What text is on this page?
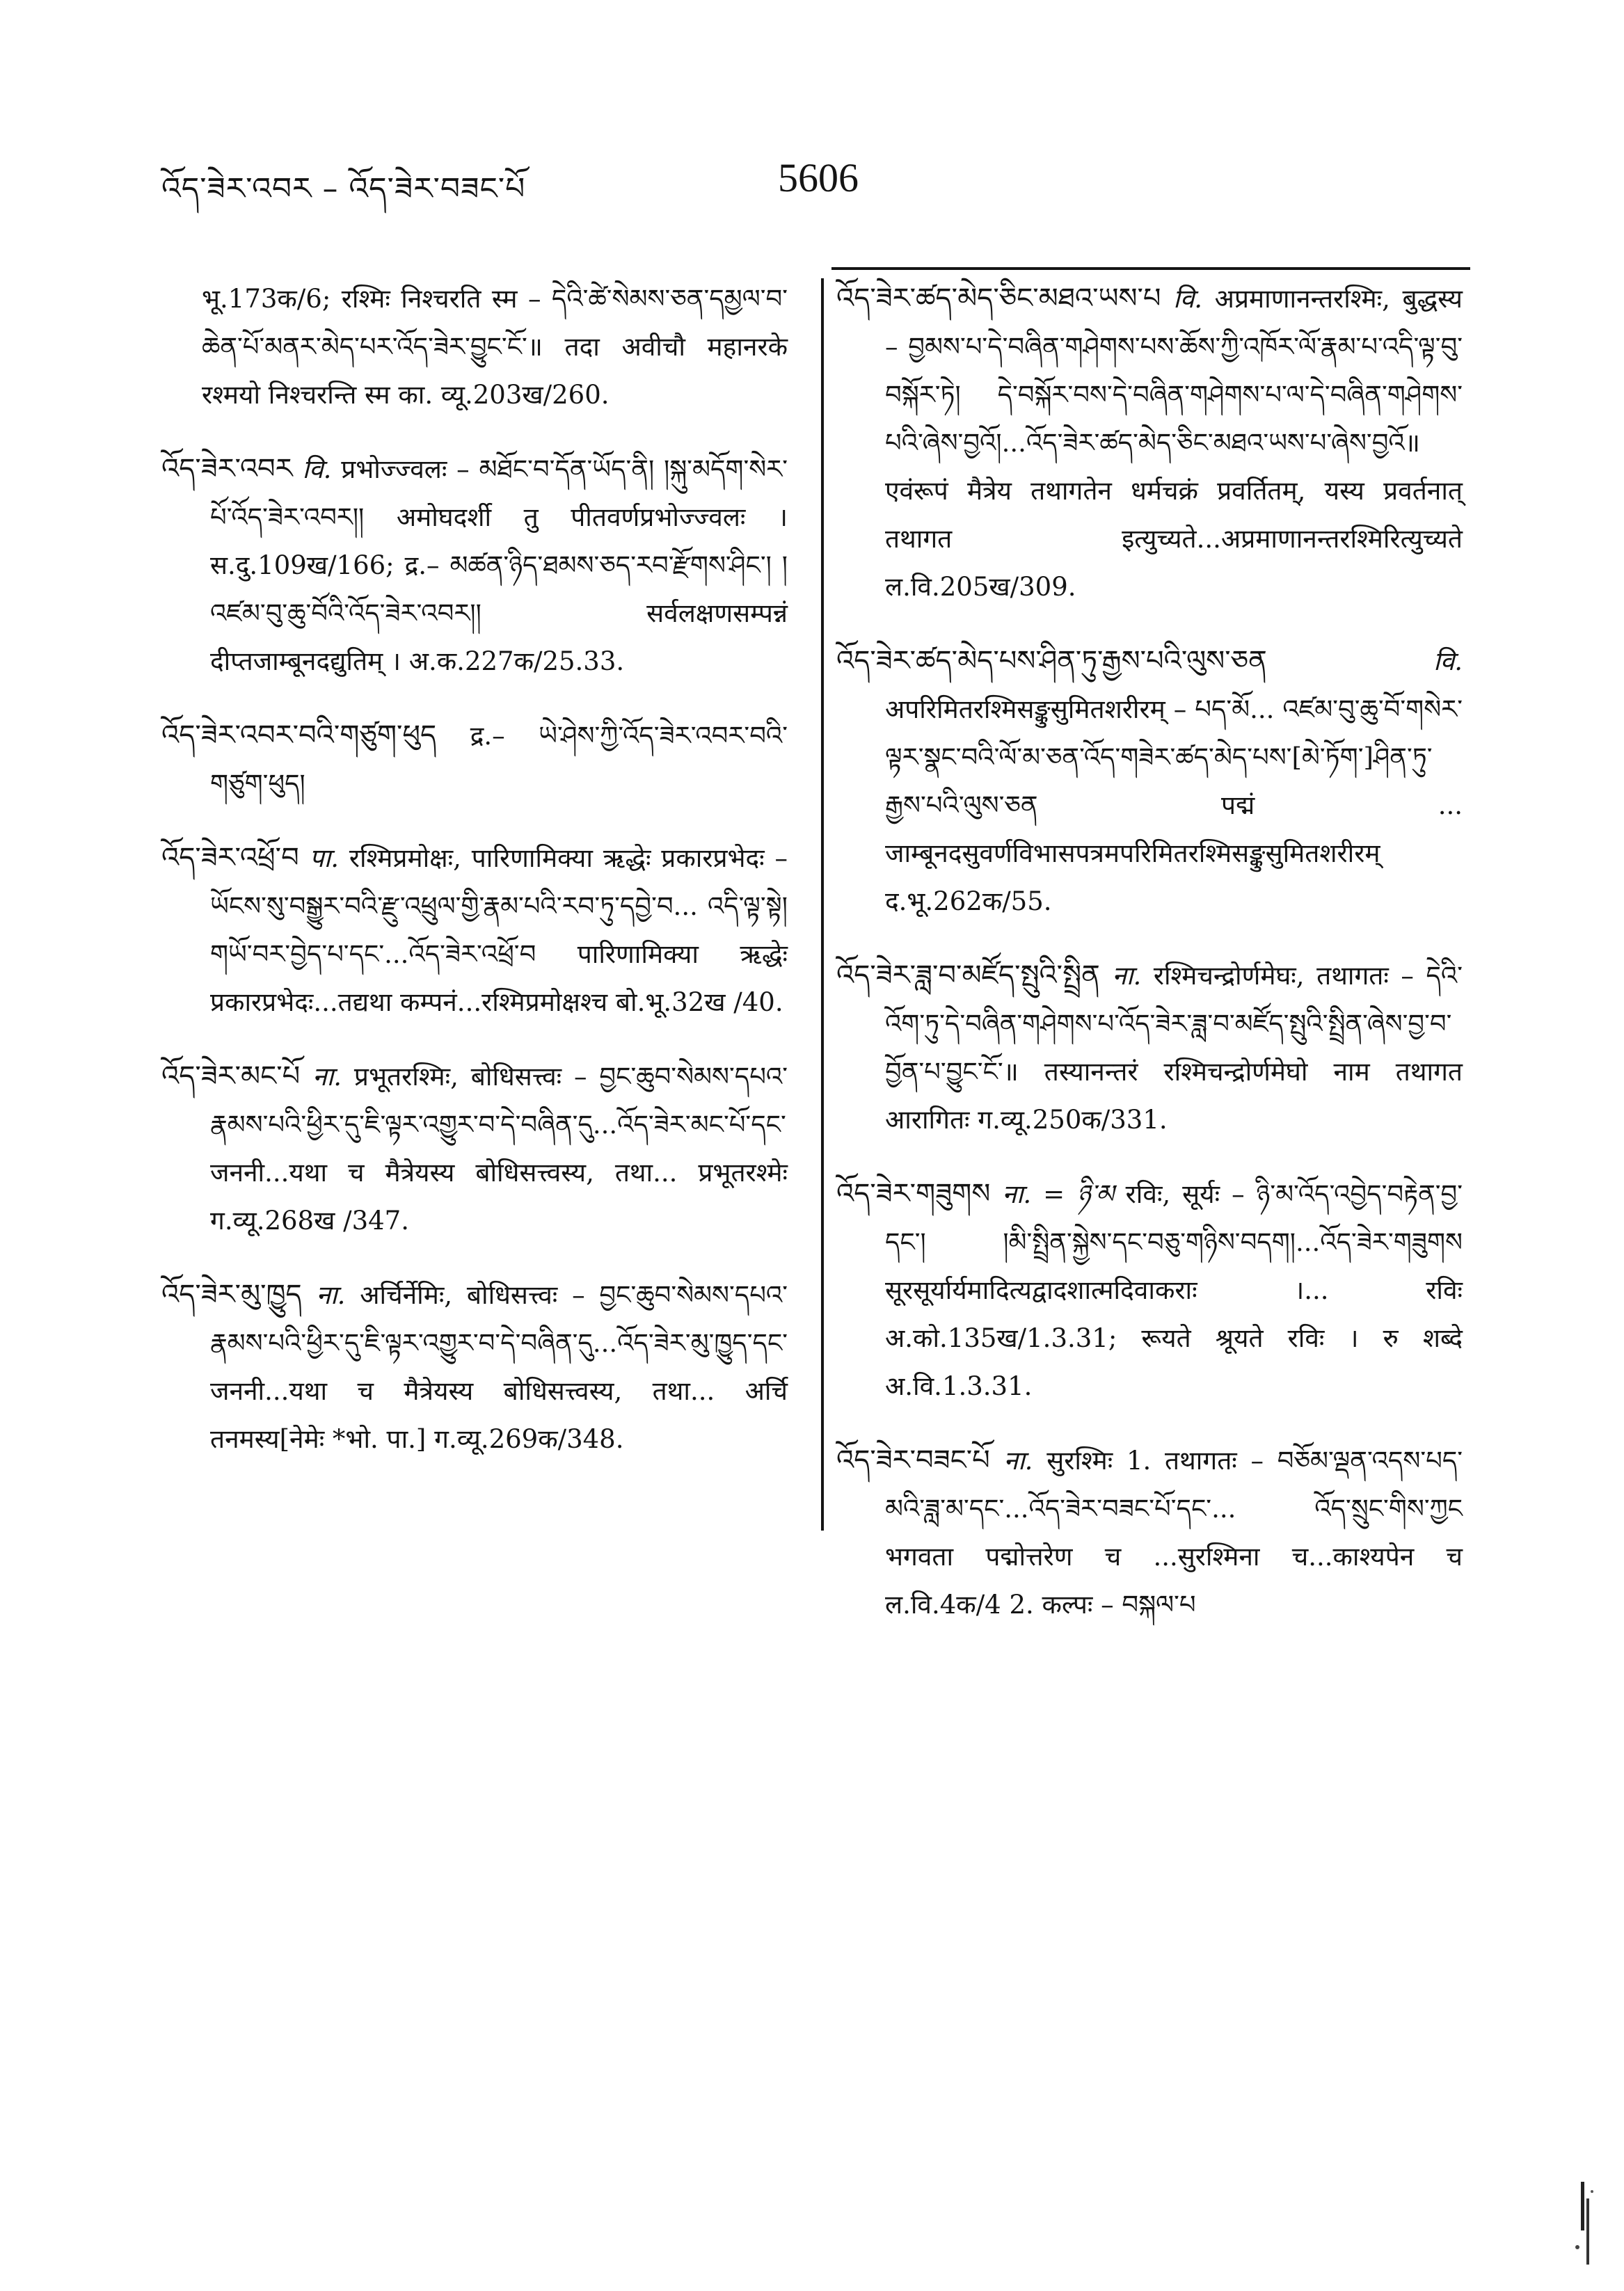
འོད་ཟེར་འབར – འོད་ཟེར་བཟང་པོ	5606

भू.173क/6; रश्मिः निश्चरति स्म – དེའི་ཚེ་སེམས་ཅན་དམྱལ་བ་ཆེན་པོ་མནར་མེད་པར་འོད་ཟེར་བྱུང་ངོ་॥ तदा अवीचौ महानरके रश्मयो निश्चरन्ति स्म का. व्यू.203ख/260.

འོད་ཟེར་འབར वि. प्रभोज्ज्वलः – མཐོང་བ་དོན་ཡོད་ནི། །སྐུ་མདོག་སེར་པོ་འོད་ཟེར་འབར།། अमोघदर्शी तु पीतवर्णप्रभोज्ज्वलः । स.दु.109ख/166; द्र.– མཚན་ཉིད་ཐམས་ཅད་རབ་རྫོགས་ཤིང་། །འཛམ་བུ་ཆུ་བོའི་འོད་ཟེར་འབར།། सर्वलक्षणसम्पन्नं दीप्तजाम्बूनदद्युतिम् । अ.क.227क/25.33.

འོད་ཟེར་འབར་བའི་གཙུག་ཕུད द्र.– ཡེ་ཤེས་ཀྱི་འོད་ཟེར་འབར་བའི་གཙུག་ཕུད།

འོད་ཟེར་འཕྲོ་བ पा. रश्मिप्रमोक्षः, पारिणामिक्या ऋद्धेः प्रकारप्रभेदः – ཡོངས་སུ་བསྒྱུར་བའི་རྫུ་འཕྲུལ་གྱི་རྣམ་པའི་རབ་ཏུ་དབྱེ་བ... འདི་ལྟ་སྟེ། གཡོ་བར་བྱེད་པ་དང་...འོད་ཟེར་འཕྲོ་བ पारिणामिक्या ऋद्धेः प्रकारप्रभेदः...तद्यथा कम्पनं...रश्मिप्रमोक्षश्च बो.भू.32ख /40.

འོད་ཟེར་མང་པོ ना. प्रभूतरश्मिः, बोधिसत्त्वः – བྱང་ཆུབ་སེམས་དཔའ་རྣམས་པའི་ཕྱིར་དུ་ཇི་ལྟར་འགྱུར་བ་དེ་བཞིན་དུ...འོད་ཟེར་མང་པོ་དང་ जननी...यथा च मैत्रेयस्य बोधिसत्त्वस्य, तथा... प्रभूतरश्मेः ग.व्यू.268ख /347.

འོད་ཟེར་མུ་ཁྱུད ना. अर्चिर्नेमिः, बोधिसत्त्वः – བྱང་ཆུབ་སེམས་དཔའ་རྣམས་པའི་ཕྱིར་དུ་ཇི་ལྟར་འགྱུར་བ་དེ་བཞིན་དུ...འོད་ཟེར་མུ་ཁྱུད་དང་ जननी...यथा च मैत्रेयस्य बोधिसत्त्वस्य, तथा... अर्चि तनमस्य[नेमेः *भो. पा.] ग.व्यू.269क/348.

འོད་ཟེར་ཚད་མེད་ཅིང་མཐའ་ཡས་པ वि. अप्रमाणानन्तरश्मिः, बुद्धस्य – བྱམས་པ་དེ་བཞིན་གཤེགས་པས་ཆོས་ཀྱི་འཁོར་ལོ་རྣམ་པ་འདི་ལྟ་བུ་བསྐོར་ཏེ། དེ་བསྐོར་བས་དེ་བཞིན་གཤེགས་པ་ལ་དེ་བཞིན་གཤེགས་པའི་ཞེས་བྱའོ།...འོད་ཟེར་ཚད་མེད་ཅིང་མཐའ་ཡས་པ་ཞེས་བྱའོ॥ एवंरूपं मैत्रेय तथागतेन धर्मचक्रं प्रवर्तितम्, यस्य प्रवर्तनात् तथागत इत्युच्यते...अप्रमाणानन्तरश्मिरित्युच्यते ल.वि.205ख/309.

འོད་ཟེར་ཚད་མེད་པས་ཤིན་ཏུ་རྒྱས་པའི་ལུས་ཅན	वि. अपरिमितरश्मिसङ्कुसुमितशरीरम् – པད་མོ... འཛམ་བུ་ཆུ་བོ་གསེར་ལྟར་སྣང་བའི་ལོ་མ་ཅན་འོད་གཟེར་ཚད་མེད་པས་[མེ་ཏོག་]ཤིན་ཏུ་རྒྱས་པའི་ལུས་ཅན पद्मं ... जाम्बूनदसुवर्णविभासपत्रमपरिमितरश्मिसङ्कुसुमितशरीरम् द.भू.262क/55.

འོད་ཟེར་ཟླ་བ་མཛོད་སྤུའི་སྤྲིན ना. रश्मिचन्द्रोर्णमेघः, तथागतः – དེའི་འོག་ཏུ་དེ་བཞིན་གཤེགས་པ་འོད་ཟེར་ཟླ་བ་མཛོད་སྤུའི་སྤྲིན་ཞེས་བྱ་བ་བྱོན་པ་བྱུང་ངོ་॥ तस्यानन्तरं रश्मिचन्द्रोर्णमेघो नाम तथागत आरागितः ग.व्यू.250क/331.

འོད་ཟེར་གཟུགས ना. = ཉི་མ रविः, सूर्यः – ཉི་མ་འོད་འབྱེད་བརྟེན་བྱ་དང་། །མི་སྤྲིན་སྐྱེས་དང་བཅུ་གཉིས་བདག།...འོད་ཟེར་གཟུགས सूरसूर्यार्यमादित्यद्वादशात्मदिवाकराः ।... रविः अ.को.135ख/1.3.31; रूयते श्रूयते रविः । रु शब्दे अ.वि.1.3.31.

འོད་ཟེར་བཟང་པོ ना. सुरश्मिः 1. तथागतः – བཅོམ་ལྡན་འདས་པད་མའི་ཟླ་མ་དང་...འོད་ཟེར་བཟང་པོ་དང་... འོད་སྲུང་གིས་ཀྱང भगवता पद्मोत्तरेण च ...सुरश्मिना च...काश्यपेन च ल.वि.4क/4 2. कल्पः – བསྐལ་པ
